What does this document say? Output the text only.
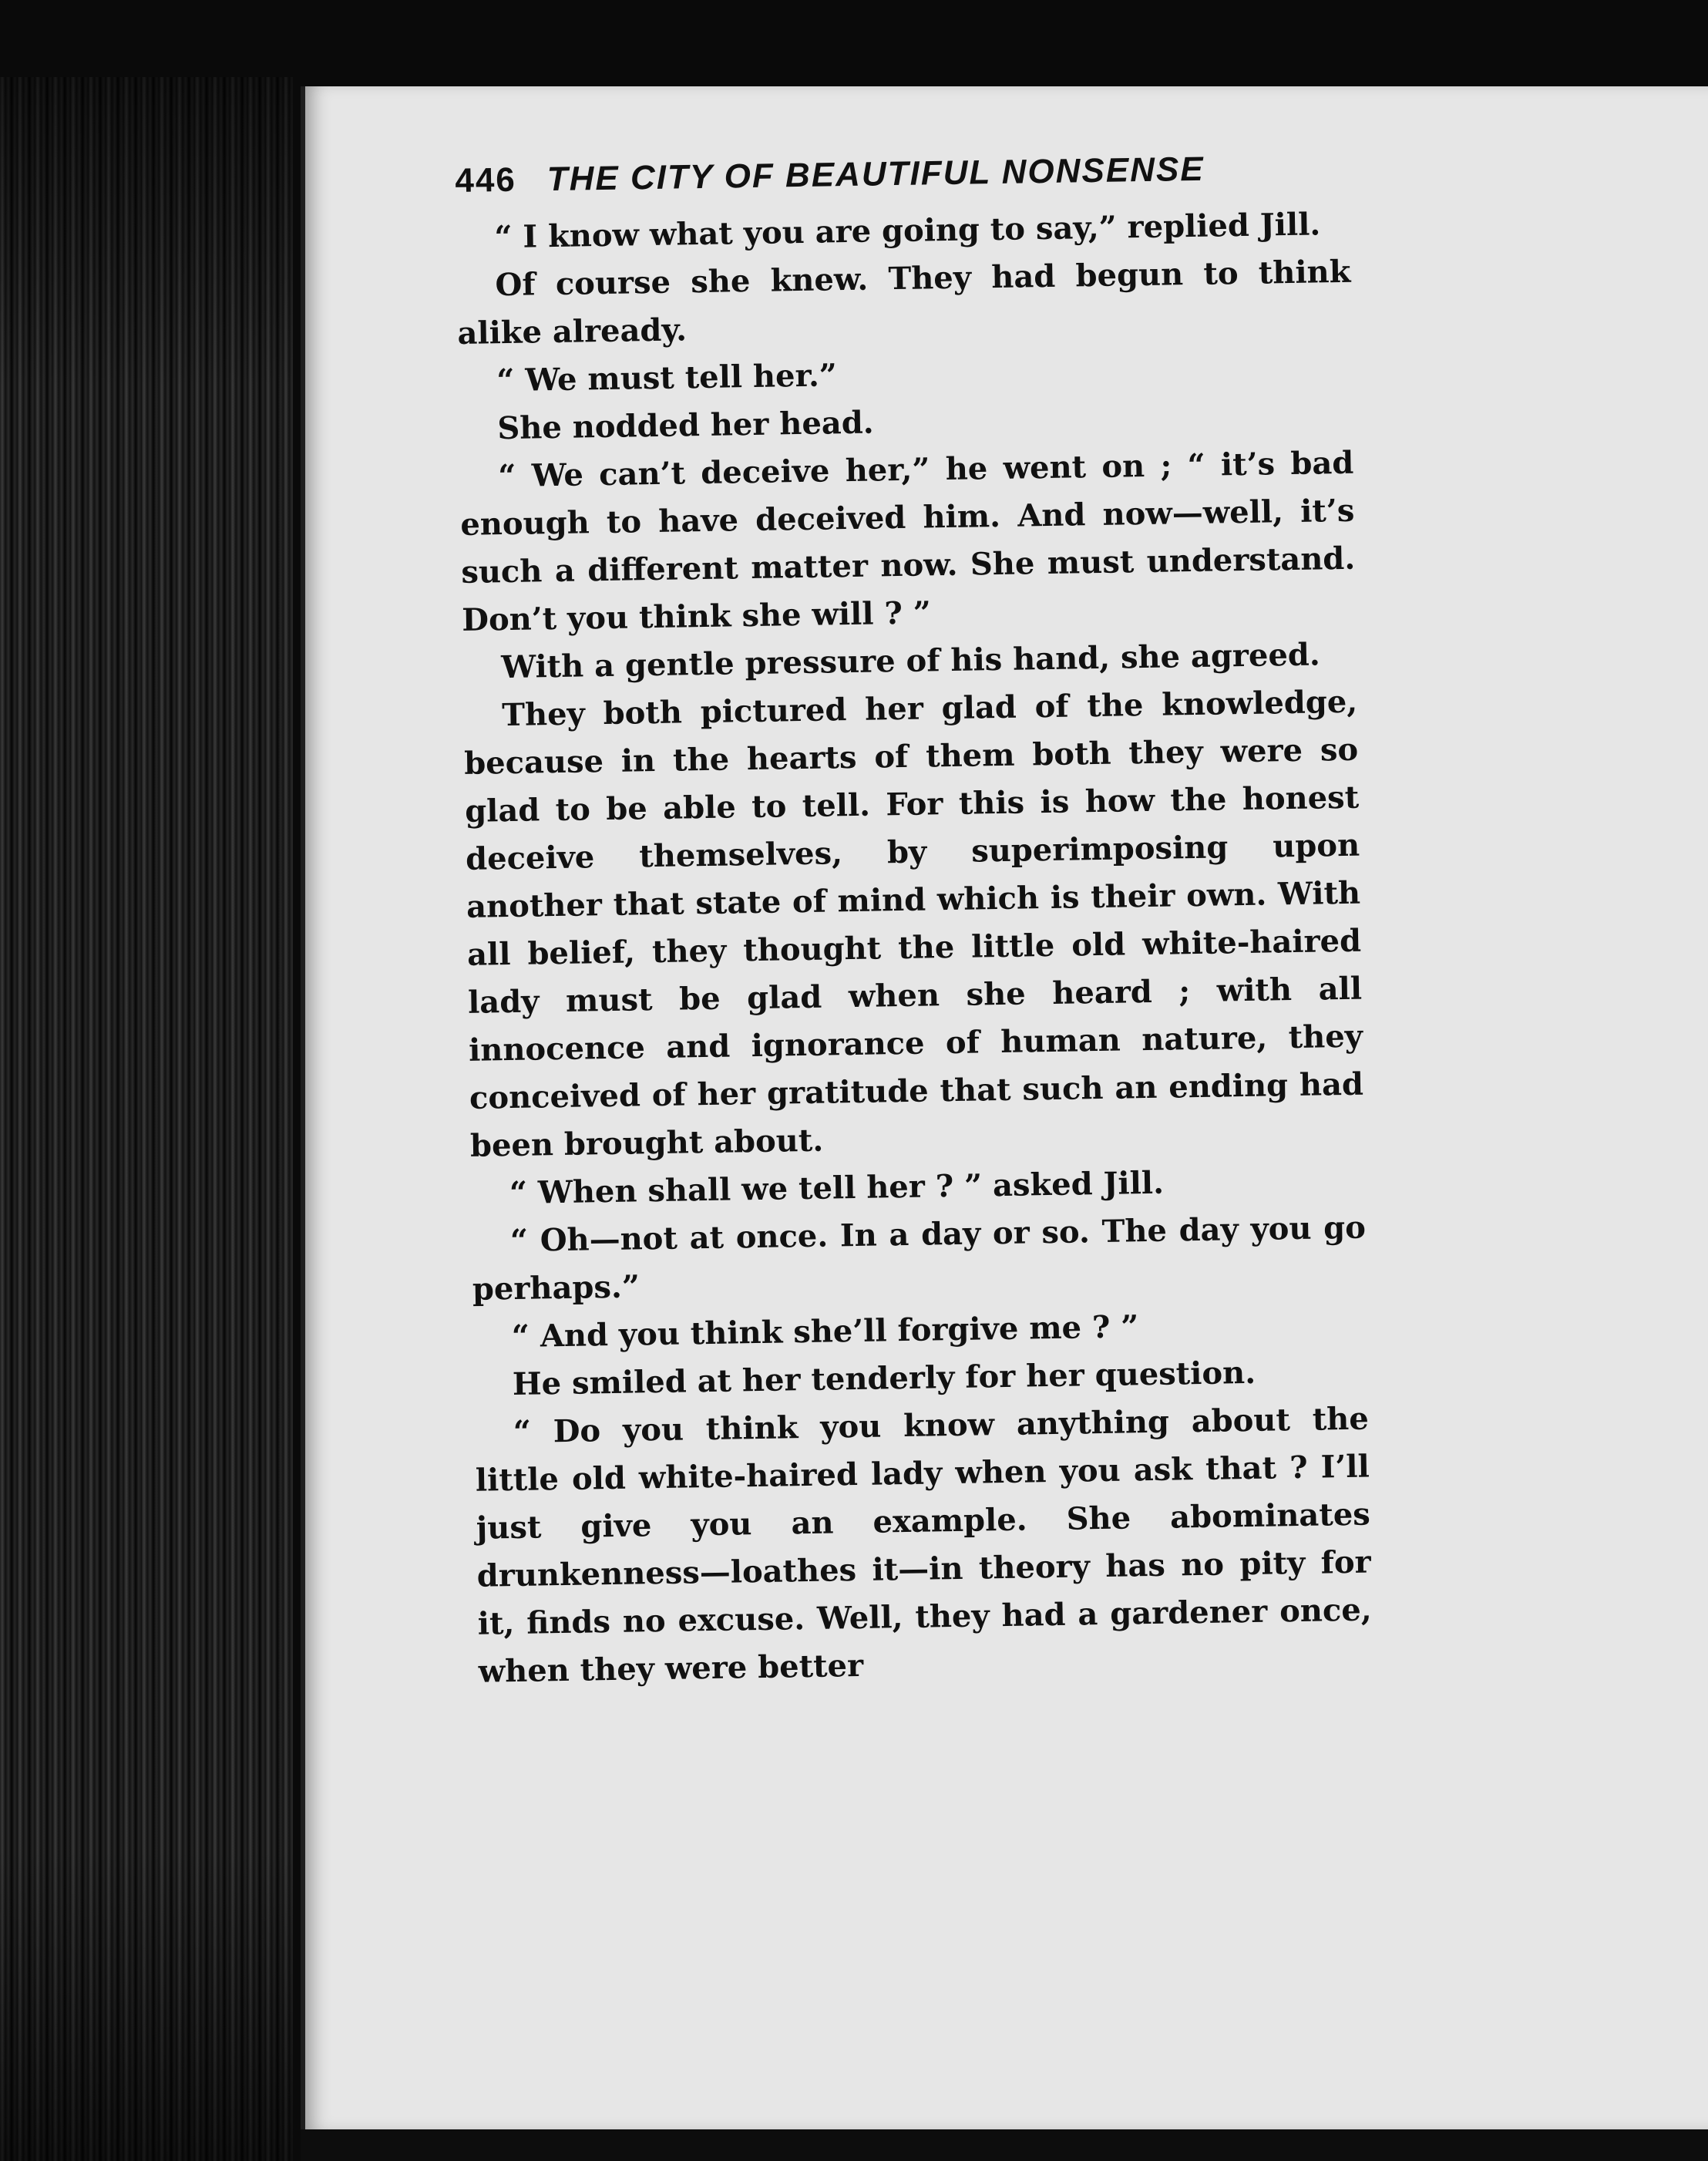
446 THE CITY OF BEAUTIFUL NONSENSE

“ I know what you are going to say,” replied Jill.

Of course she knew. They had begun to think alike already.

“ We must tell her.”

She nodded her head.

“ We can’t deceive her,” he went on ; “ it’s bad enough to have deceived him. And now—well, it’s such a different matter now. She must understand. Don’t you think she will ? ”

With a gentle pressure of his hand, she agreed.

They both pictured her glad of the knowledge, because in the hearts of them both they were so glad to be able to tell. For this is how the honest deceive themselves, by superimposing upon another that state of mind which is their own. With all belief, they thought the little old white-haired lady must be glad when she heard ; with all innocence and ignorance of human nature, they conceived of her gratitude that such an ending had been brought about.

“ When shall we tell her ? ” asked Jill.

“ Oh—not at once. In a day or so. The day you go perhaps.”

“ And you think she’ll forgive me ? ”

He smiled at her tenderly for her question.

“ Do you think you know anything about the little old white-haired lady when you ask that ? I’ll just give you an example. She abominates drunkenness—loathes it—in theory has no pity for it, finds no excuse. Well, they had a gardener once, when they were better
